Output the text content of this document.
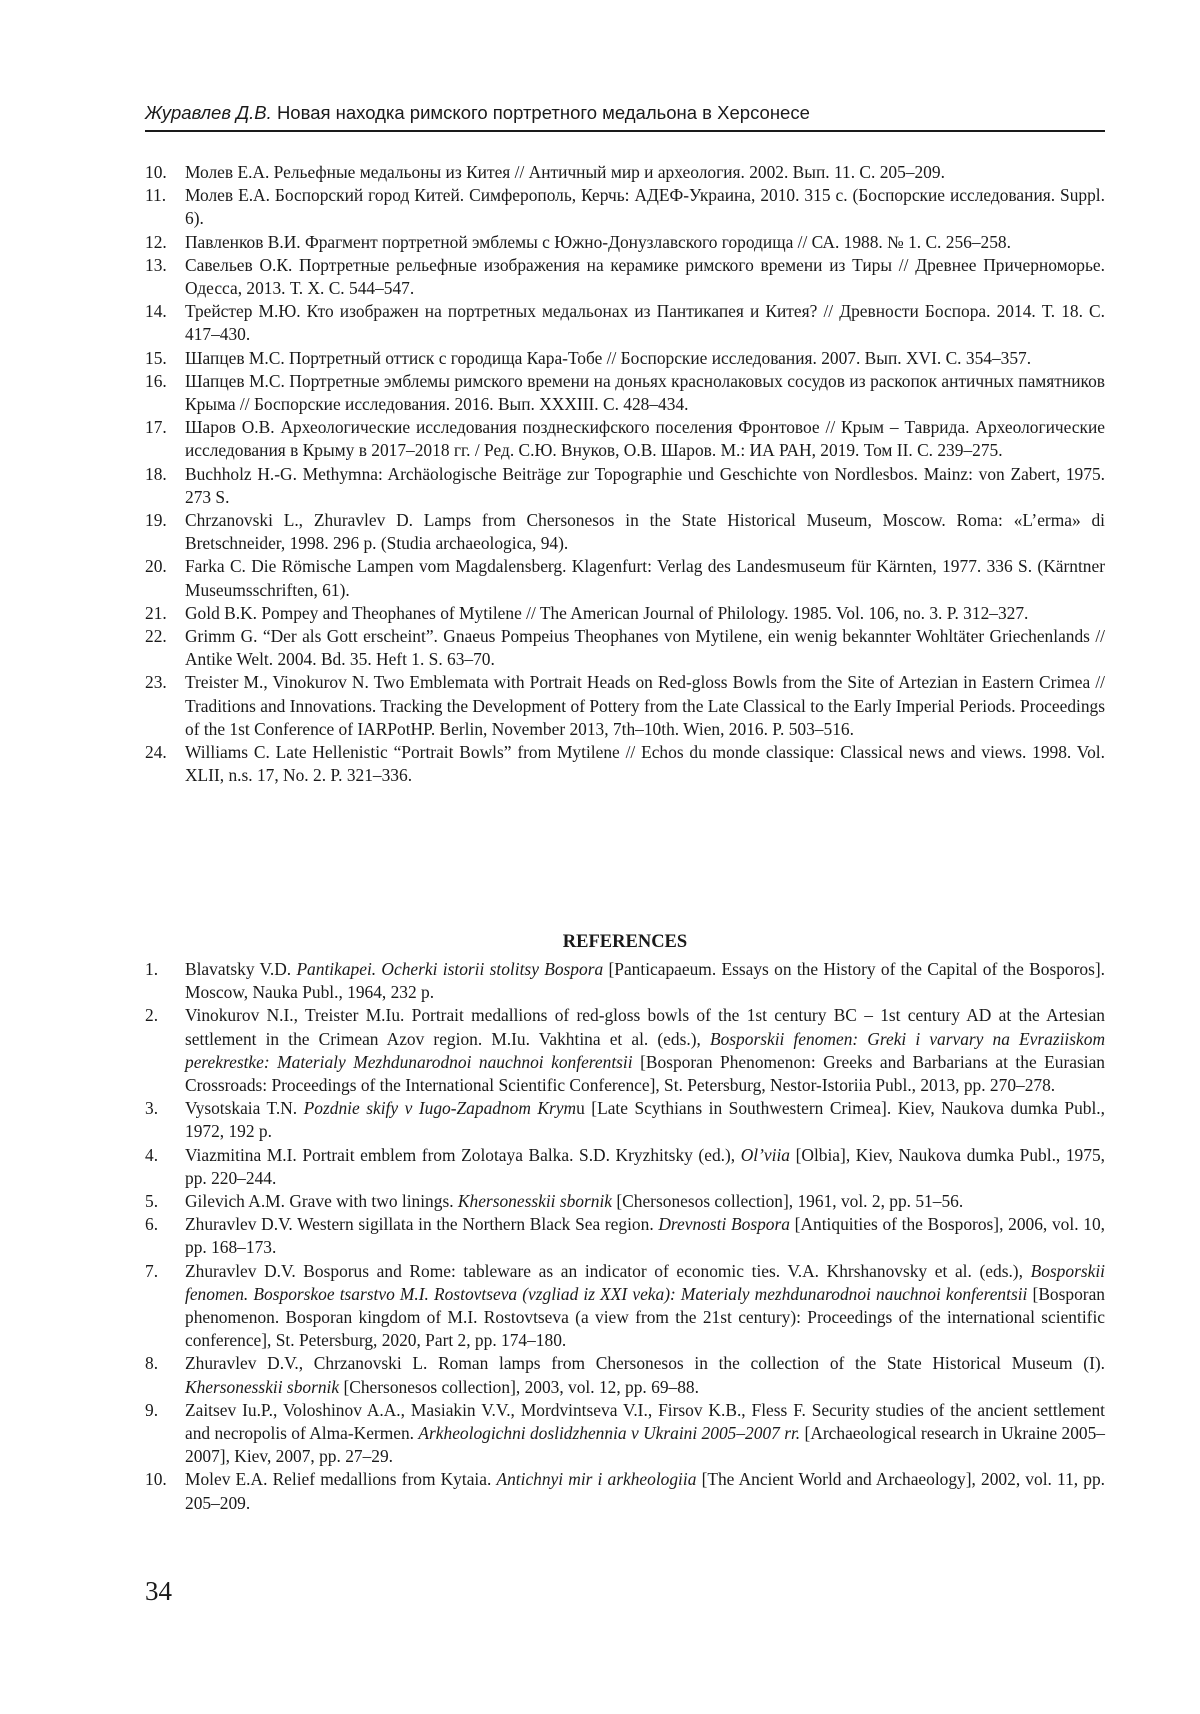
Журавлев Д.В. Новая находка римского портретного медальона в Херсонесе
10.	Молев Е.А. Рельефные медальоны из Китея // Античный мир и археология. 2002. Вып. 11. С. 205–209.
11.	Молев Е.А. Боспорский город Китей. Симферополь, Керчь: АДЕФ-Украина, 2010. 315 с. (Боспорские исследования. Suppl. 6).
12.	Павленков В.И. Фрагмент портретной эмблемы с Южно-Донузлавского городища // СА. 1988. № 1. С. 256–258.
13.	Савельев О.К. Портретные рельефные изображения на керамике римского времени из Тиры // Древнее Причерноморье. Одесса, 2013. Т. X. С. 544–547.
14.	Трейстер М.Ю. Кто изображен на портретных медальонах из Пантикапея и Китея? // Древности Боспора. 2014. Т. 18. С. 417–430.
15.	Шапцев М.С. Портретный оттиск с городища Кара-Тобе // Боспорские исследования. 2007. Вып. XVI. С. 354–357.
16.	Шапцев М.С. Портретные эмблемы римского времени на доньях краснолаковых сосудов из раскопок античных памятников Крыма // Боспорские исследования. 2016. Вып. XXXIII. С. 428–434.
17.	Шаров О.В. Археологические исследования позднескифского поселения Фронтовое // Крым – Таврида. Археологические исследования в Крыму в 2017–2018 гг. / Ред. С.Ю. Внуков, О.В. Шаров. М.: ИА РАН, 2019. Том II. С. 239–275.
18.	Buchholz H.-G. Methymna: Archäologische Beiträge zur Topographie und Geschichte von Nordlesbos. Mainz: von Zabert, 1975. 273 S.
19.	Chrzanovski L., Zhuravlev D. Lamps from Chersonesos in the State Historical Museum, Moscow. Roma: «L’erma» di Bretschneider, 1998. 296 p. (Studia archaeologica, 94).
20.	Farka C. Die Römische Lampen vom Magdalensberg. Klagenfurt: Verlag des Landesmuseum für Kärnten, 1977. 336 S. (Kärntner Museumsschriften, 61).
21.	Gold B.K. Pompey and Theophanes of Mytilene // The American Journal of Philology. 1985. Vol. 106, no. 3. P. 312–327.
22.	Grimm G. “Der als Gott erscheint”. Gnaeus Pompeius Theophanes von Mytilene, ein wenig bekannter Wohltäter Griechenlands // Antike Welt. 2004. Bd. 35. Heft 1. S. 63–70.
23.	Treister M., Vinokurov N. Two Emblemata with Portrait Heads on Red-gloss Bowls from the Site of Artezian in Eastern Crimea // Traditions and Innovations. Tracking the Development of Pottery from the Late Classical to the Early Imperial Periods. Proceedings of the 1st Conference of IARPotHP. Berlin, November 2013, 7th–10th. Wien, 2016. P. 503–516.
24.	Williams C. Late Hellenistic “Portrait Bowls” from Mytilene // Echos du monde classique: Classical news and views. 1998. Vol. XLII, n.s. 17, No. 2. P. 321–336.
REFERENCES
1.	Blavatsky V.D. Pantikapei. Ocherki istorii stolitsy Bospora [Panticapaeum. Essays on the History of the Capital of the Bosporos]. Moscow, Nauka Publ., 1964, 232 p.
2.	Vinokurov N.I., Treister M.Iu. Portrait medallions of red-gloss bowls of the 1st century BC – 1st century AD at the Artesian settlement in the Crimean Azov region. M.Iu. Vakhtina et al. (eds.), Bosporskii fenomen: Greki i varvary na Evraziiskom perekrestke: Materialy Mezhdunarodnoi nauchnoi konferentsii [Bosporan Phenomenon: Greeks and Barbarians at the Eurasian Crossroads: Proceedings of the International Scientific Conference], St. Petersburg, Nestor-Istoriia Publ., 2013, pp. 270–278.
3.	Vysotskaia T.N. Pozdnie skify v Iugo-Zapadnom Krymu [Late Scythians in Southwestern Crimea]. Kiev, Naukova dumka Publ., 1972, 192 p.
4.	Viazmitina M.I. Portrait emblem from Zolotaya Balka. S.D. Kryzhitsky (ed.), Ol’viia [Olbia], Kiev, Naukova dumka Publ., 1975, pp. 220–244.
5.	Gilevich A.M. Grave with two linings. Khersonesskii sbornik [Chersonesos collection], 1961, vol. 2, pp. 51–56.
6.	Zhuravlev D.V. Western sigillata in the Northern Black Sea region. Drevnosti Bospora [Antiquities of the Bosporos], 2006, vol. 10, pp. 168–173.
7.	Zhuravlev D.V. Bosporus and Rome: tableware as an indicator of economic ties. V.A. Khrshanovsky et al. (eds.), Bosporskii fenomen. Bosporskoe tsarstvo M.I. Rostovtseva (vzgliad iz XXI veka): Materialy mezhdunarodnoi nauchnoi konferentsii [Bosporan phenomenon. Bosporan kingdom of M.I. Rostovtseva (a view from the 21st century): Proceedings of the international scientific conference], St. Petersburg, 2020, Part 2, pp. 174–180.
8.	Zhuravlev D.V., Chrzanovski L. Roman lamps from Chersonesos in the collection of the State Historical Museum (I). Khersonesskii sbornik [Chersonesos collection], 2003, vol. 12, pp. 69–88.
9.	Zaitsev Iu.P., Voloshinov A.A., Masiakin V.V., Mordvintseva V.I., Firsov K.B., Fless F. Security studies of the ancient settlement and necropolis of Alma-Kermen. Arkheologichni doslidzhennia v Ukraini 2005–2007 rr. [Archaeological research in Ukraine 2005–2007], Kiev, 2007, pp. 27–29.
10.	Molev E.A. Relief medallions from Kytaia. Antichnyi mir i arkheologiia [The Ancient World and Archaeology], 2002, vol. 11, pp. 205–209.
34
